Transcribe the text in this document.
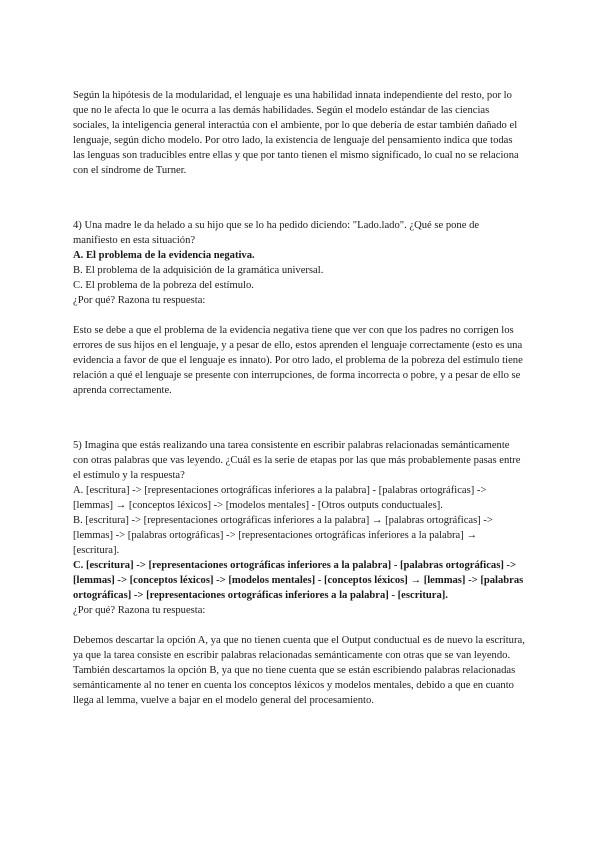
Según la hipótesis de la modularidad, el lenguaje es una habilidad innata independiente del resto, por lo que no le afecta lo que le ocurra a las demás habilidades. Según el modelo estándar de las ciencias sociales, la inteligencia general interactúa con el ambiente, por lo que debería de estar también dañado el lenguaje, según dicho modelo. Por otro lado, la existencia de lenguaje del pensamiento indica que todas las lenguas son traducibles entre ellas y que por tanto tienen el mismo significado, lo cual no se relaciona con el síndrome de Turner.

4) Una madre le da helado a su hijo que se lo ha pedido diciendo: "Lado.lado". ¿Qué se pone de manifiesto en esta situación?

A. El problema de la evidencia negativa.

B. El problema de la adquisición de la gramática universal.

C. El problema de la pobreza del estímulo.

¿Por qué? Razona tu respuesta:

Esto se debe a que el problema de la evidencia negativa tiene que ver con que los padres no corrigen los errores de sus hijos en el lenguaje, y a pesar de ello, estos aprenden el lenguaje correctamente (esto es una evidencia a favor de que el lenguaje es innato). Por otro lado, el problema de la pobreza del estímulo tiene relación a qué el lenguaje se presente con interrupciones, de forma incorrecta o pobre, y a pesar de ello se aprenda correctamente.

5) Imagina que estás realizando una tarea consistente en escribir palabras relacionadas semánticamente con otras palabras que vas leyendo. ¿Cuál es la serie de etapas por las que más probablemente pasas entre el estímulo y la respuesta?

A. [escritura] -> [representaciones ortográficas inferiores a la palabra] - [palabras ortográficas] -> [lemmas] → [conceptos léxicos] -> [modelos mentales] - [Otros outputs conductuales].

B. [escritura] -> [representaciones ortográficas inferiores a la palabra] → [palabras ortográficas] -> [lemmas] -> [palabras ortográficas] -> [representaciones ortográficas inferiores a la palabra] → [escritura].

C. [escritura] -> [representaciones ortográficas inferiores a la palabra] - [palabras ortográficas] -> [lemmas] -> [conceptos léxicos] -> [modelos mentales] - [conceptos léxicos] → [lemmas] -> [palabras ortográficas] -> [representaciones ortográficas inferiores a la palabra] - [escritura].

¿Por qué? Razona tu respuesta:

Debemos descartar la opción A, ya que no tienen cuenta que el Output conductual es de nuevo la escritura, ya que la tarea consiste en escribir palabras relacionadas semánticamente con otras que se van leyendo.

También descartamos la opción B, ya que no tiene cuenta que se están escribiendo palabras relacionadas semánticamente al no tener en cuenta los conceptos léxicos y modelos mentales, debido a que en cuanto llega al lemma, vuelve a bajar en el modelo general del procesamiento.
